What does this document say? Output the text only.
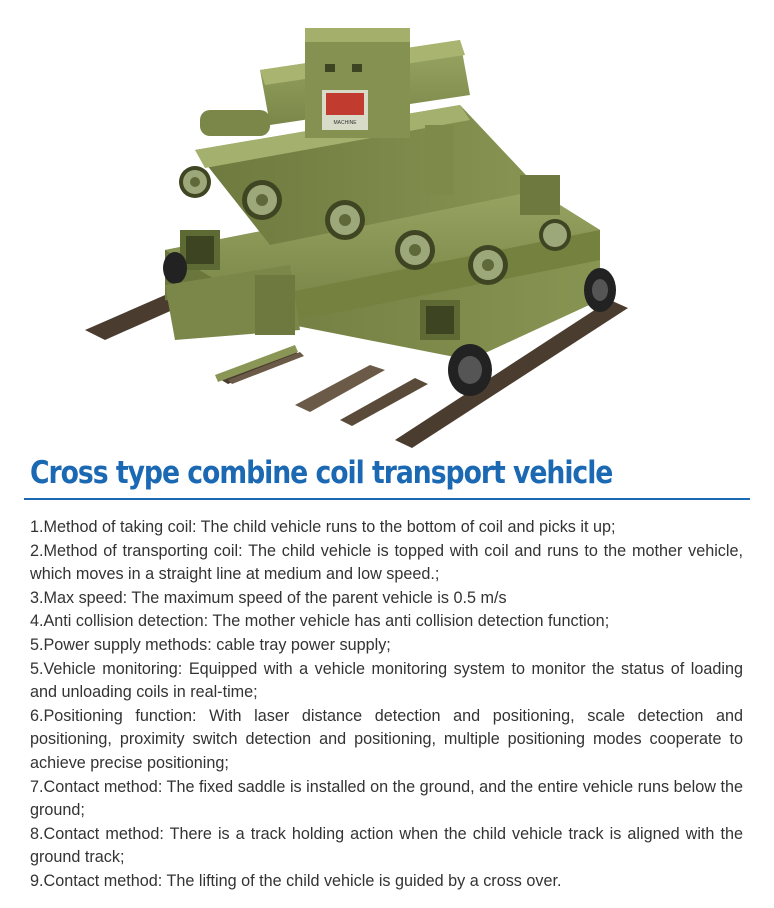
MACHINE
Cross type combine coil transport vehicle
1.Method of taking coil: The child vehicle runs to the bottom of coil and picks it up;
2.Method of transporting coil: The child vehicle is topped with coil and runs to the mother vehicle, which moves in a straight line at medium and low speed.;
3.Max speed: The maximum speed of the parent vehicle is 0.5 m/s
4.Anti collision detection: The mother vehicle has anti collision detection function;
5.Power supply methods: cable tray power supply;
5.Vehicle monitoring: Equipped with a vehicle monitoring system to monitor the status of loading and unloading coils in real-time;
6.Positioning function: With laser distance detection and positioning, scale detection and positioning, proximity switch detection and positioning, multiple positioning modes cooperate to achieve precise positioning;
7.Contact method: The fixed saddle is installed on the ground, and the entire vehicle runs below the ground;
8.Contact method: There is a track holding action when the child vehicle track is aligned with the ground track;
9.Contact method: The lifting of the child vehicle is guided by a cross over.
